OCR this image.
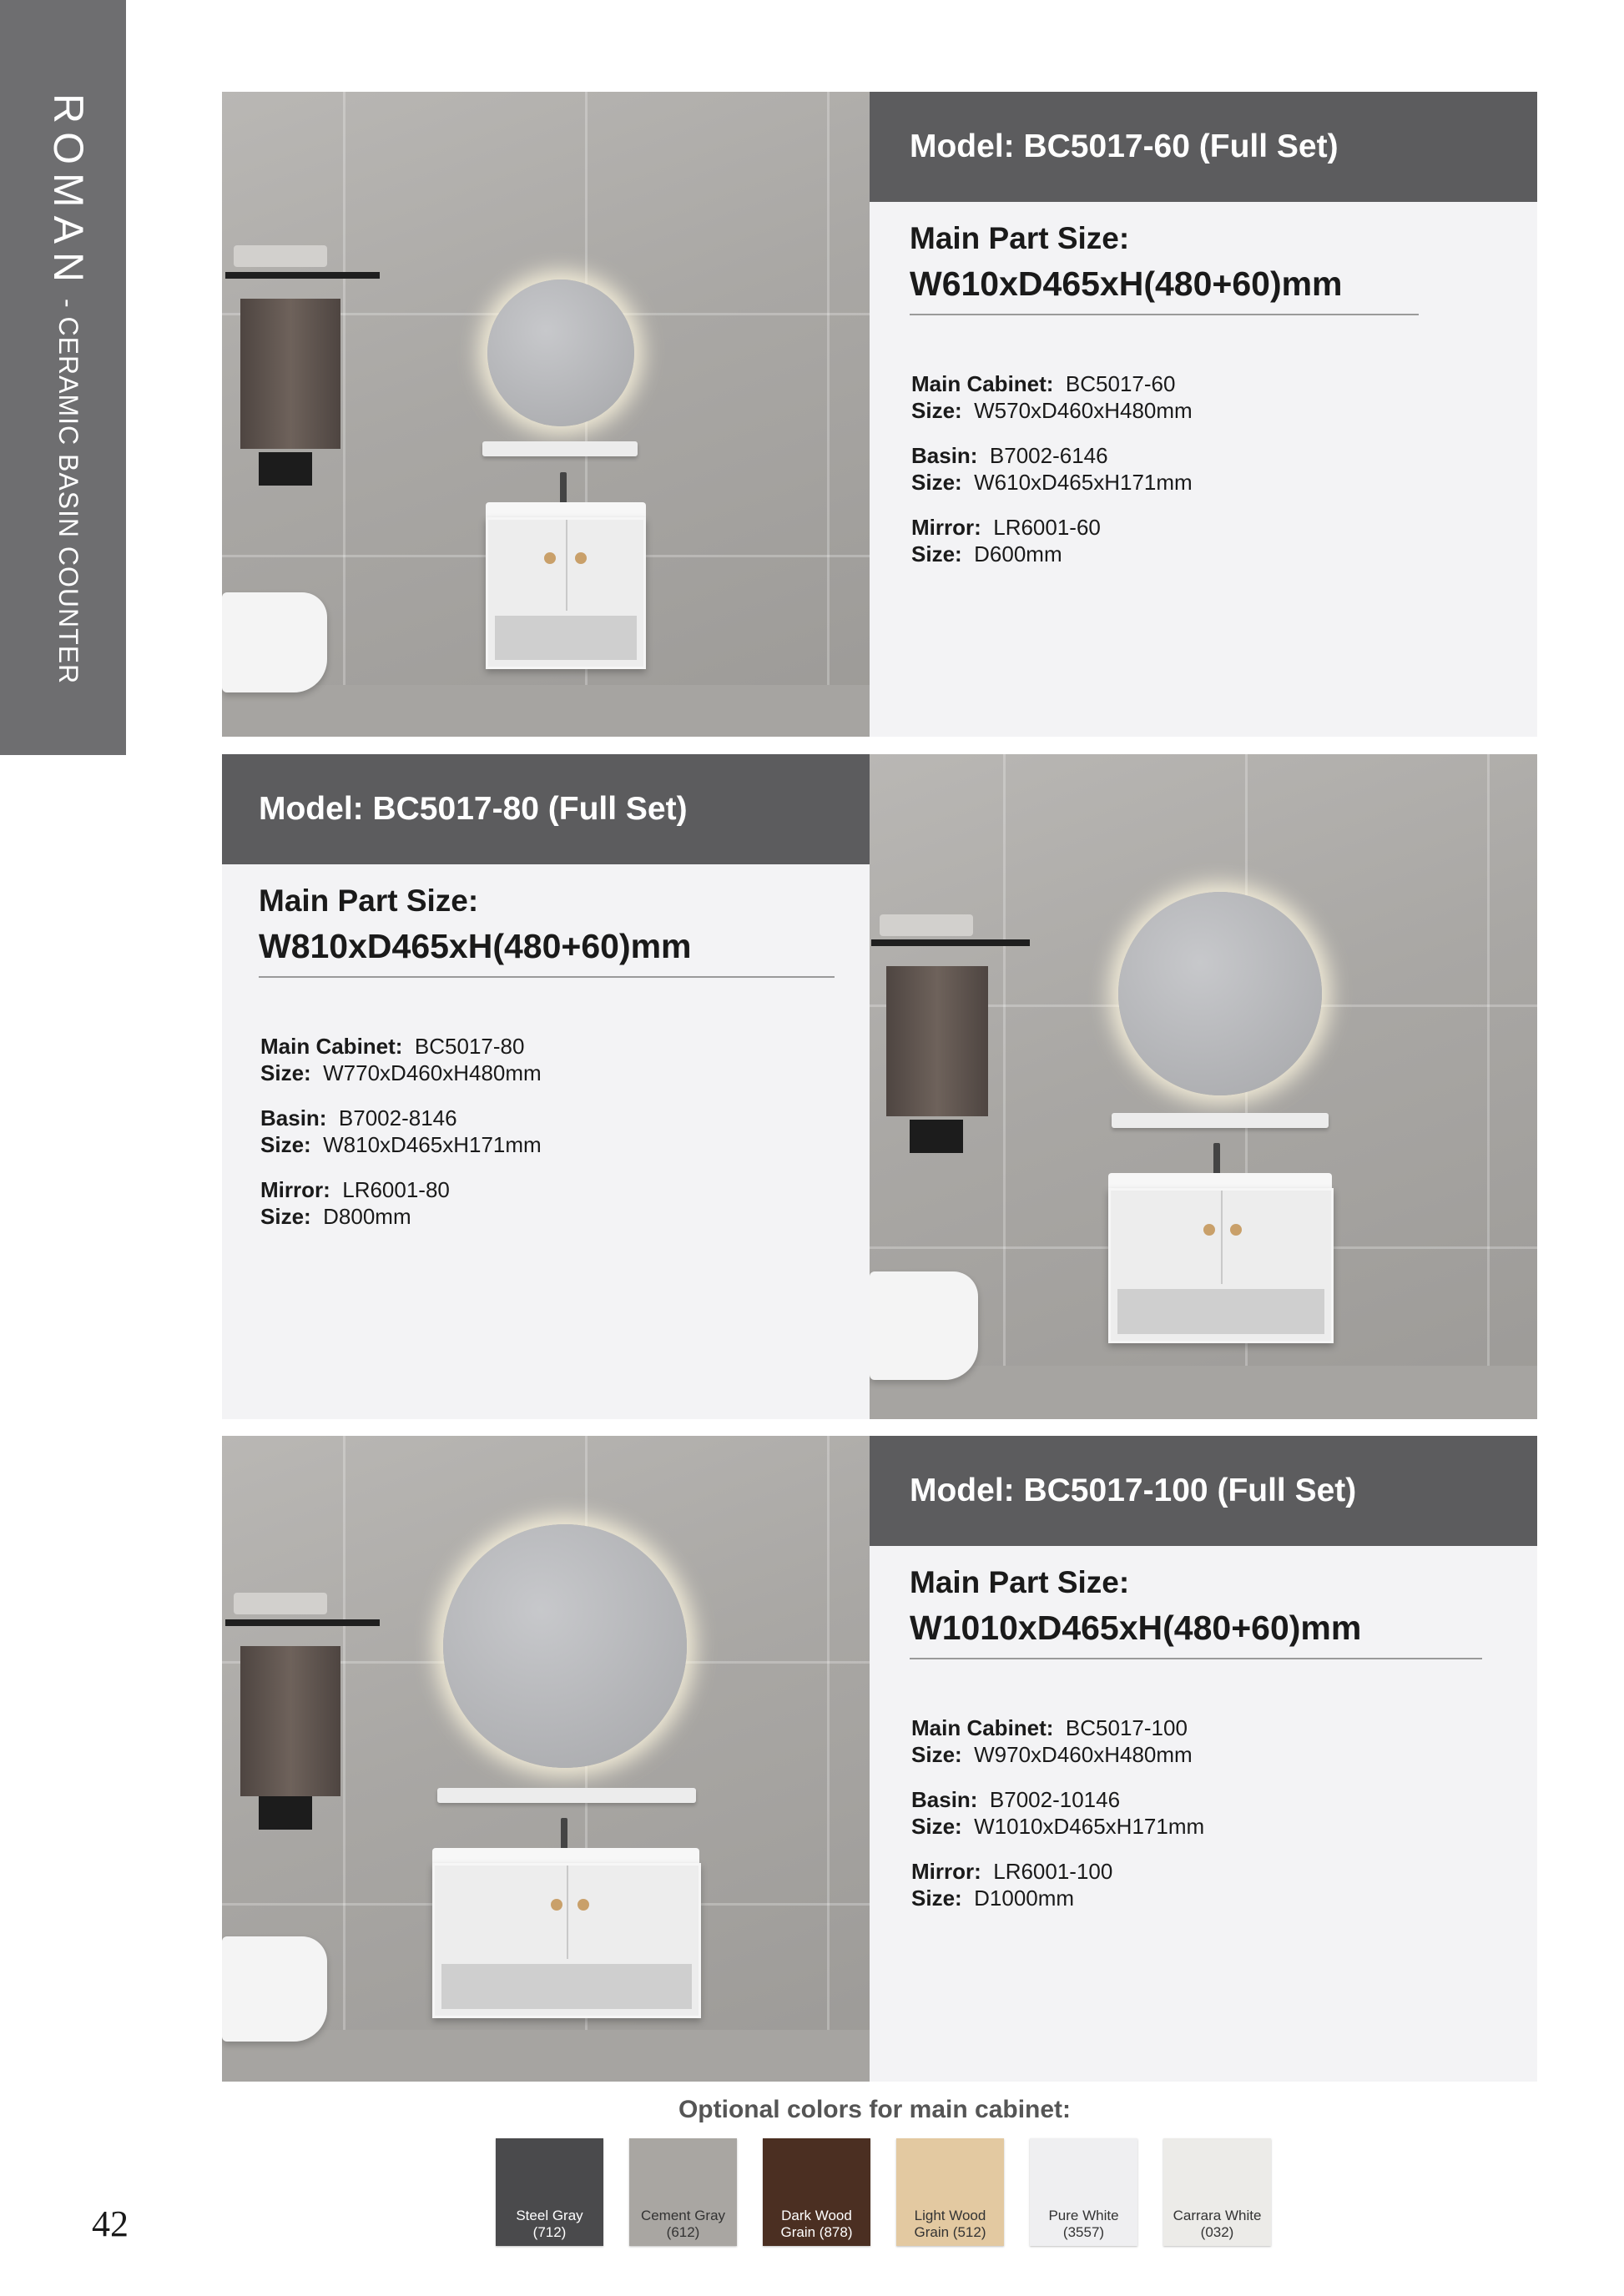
ROMAN - CERAMIC BASIN COUNTER
Model: BC5017-60 (Full Set)
Main Part Size:
W610xD465xH(480+60)mm
Main Cabinet: BC5017-60
Size: W570xD460xH480mm
Basin: B7002-6146
Size: W610xD465xH171mm
Mirror: LR6001-60
Size: D600mm
Model: BC5017-80 (Full Set)
Main Part Size:
W810xD465xH(480+60)mm
Main Cabinet: BC5017-80
Size: W770xD460xH480mm
Basin: B7002-8146
Size: W810xD465xH171mm
Mirror: LR6001-80
Size: D800mm
Model: BC5017-100 (Full Set)
Main Part Size:
W1010xD465xH(480+60)mm
Main Cabinet: BC5017-100
Size: W970xD460xH480mm
Basin: B7002-10146
Size: W1010xD465xH171mm
Mirror: LR6001-100
Size: D1000mm
Optional colors for main cabinet:
Steel Gray
(712)
Cement Gray
(612)
Dark Wood
Grain (878)
Light Wood
Grain (512)
Pure White
(3557)
Carrara White
(032)
42
